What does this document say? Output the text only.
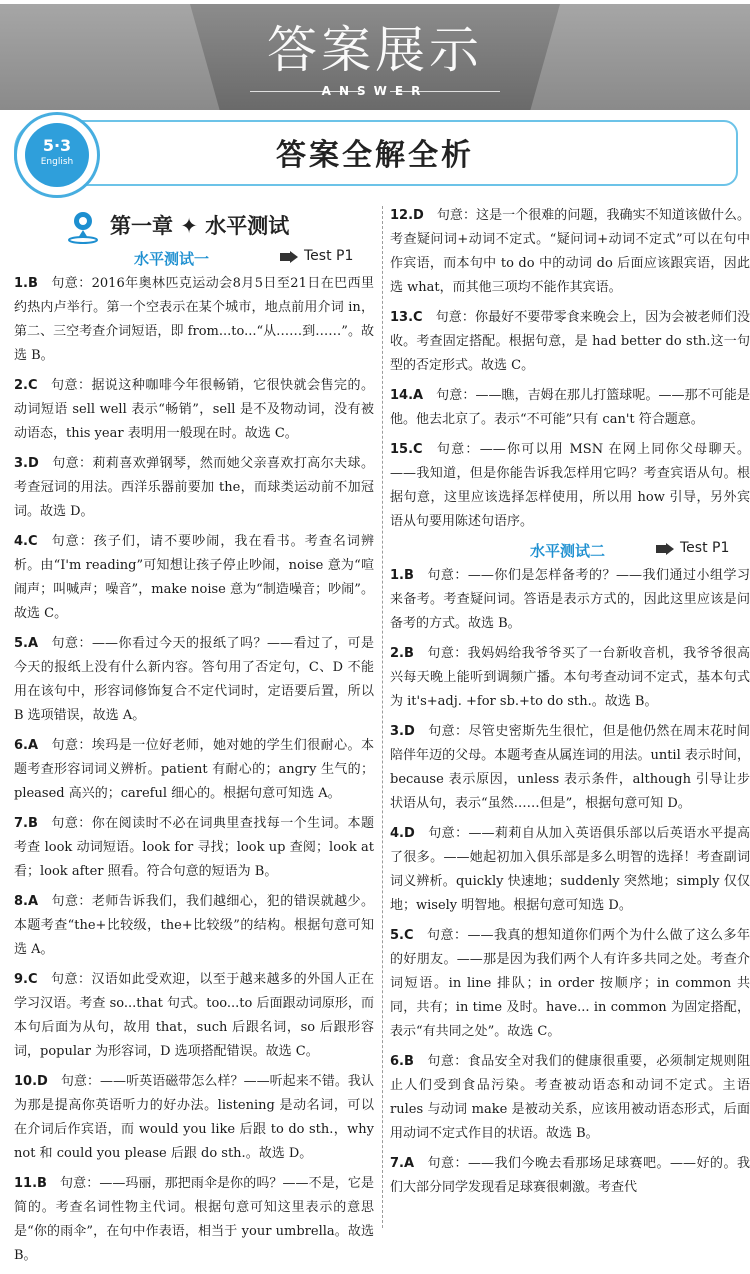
答案展示
ANSWER
5·3
English	答案全解全析
第一章 ✦ 水平测试
水平测试一	Test P1
1.B  句意：2016年奥林匹克运动会8月5日至21日在巴西里约热内卢举行。第一个空表示在某个城市，地点前用介词 in，第二、三空考查介词短语，即 from...to...“从……到……”。故选 B。
2.C  句意：据说这种咖啡今年很畅销，它很快就会售完的。动词短语 sell well 表示“畅销”，sell 是不及物动词，没有被动语态，this year 表明用一般现在时。故选 C。
3.D  句意：莉莉喜欢弹钢琴，然而她父亲喜欢打高尔夫球。考查冠词的用法。西洋乐器前要加 the，而球类运动前不加冠词。故选 D。
4.C  句意：孩子们，请不要吵闹，我在看书。考查名词辨析。由“I'm reading”可知想让孩子停止吵闹，noise 意为“喧闹声；叫喊声；噪音”，make noise 意为“制造噪音；吵闹”。故选 C。
5.A  句意：——你看过今天的报纸了吗？——看过了，可是今天的报纸上没有什么新内容。答句用了否定句，C、D 不能用在该句中，形容词修饰复合不定代词时，定语要后置，所以 B 选项错误，故选 A。
6.A  句意：埃玛是一位好老师，她对她的学生们很耐心。本题考查形容词词义辨析。patient 有耐心的；angry 生气的；pleased 高兴的；careful 细心的。根据句意可知选 A。
7.B  句意：你在阅读时不必在词典里查找每一个生词。本题考查 look 动词短语。look for 寻找；look up 查阅；look at 看；look after 照看。符合句意的短语为 B。
8.A  句意：老师告诉我们，我们越细心，犯的错误就越少。本题考查“the+比较级，the+比较级”的结构。根据句意可知选 A。
9.C  句意：汉语如此受欢迎，以至于越来越多的外国人正在学习汉语。考查 so...that 句式。too...to 后面跟动词原形，而本句后面为从句，故用 that，such 后跟名词，so 后跟形容词，popular 为形容词，D 选项搭配错误。故选 C。
10.D  句意：——听英语磁带怎么样？——听起来不错。我认为那是提高你英语听力的好办法。listening 是动名词，可以在介词后作宾语，而 would you like 后跟 to do sth.，why not 和 could you please 后跟 do sth.。故选 D。
11.B  句意：——玛丽，那把雨伞是你的吗？——不是，它是简的。考查名词性物主代词。根据句意可知这里表示的意思是“你的雨伞”，在句中作表语，相当于 your umbrella。故选 B。
12.D  句意：这是一个很难的问题，我确实不知道该做什么。考查疑问词+动词不定式。“疑问词+动词不定式”可以在句中作宾语，而本句中 to do 中的动词 do 后面应该跟宾语，因此选 what，而其他三项均不能作其宾语。
13.C  句意：你最好不要带零食来晚会上，因为会被老师们没收。考查固定搭配。根据句意，是 had better do sth.这一句型的否定形式。故选 C。
14.A  句意：——瞧，吉姆在那儿打篮球呢。——那不可能是他。他去北京了。表示“不可能”只有 can't 符合题意。
15.C  句意：——你可以用 MSN 在网上同你父母聊天。——我知道，但是你能告诉我怎样用它吗？考查宾语从句。根据句意，这里应该选择怎样使用，所以用 how 引导，另外宾语从句要用陈述句语序。
水平测试二	Test P1
1.B  句意：——你们是怎样备考的？——我们通过小组学习来备考。考查疑问词。答语是表示方式的，因此这里应该是问备考的方式。故选 B。
2.B  句意：我妈妈给我爷爷买了一台新收音机，我爷爷很高兴每天晚上能听到调频广播。本句考查动词不定式，基本句式为 it's+adj. +for sb.+to do sth.。故选 B。
3.D  句意：尽管史密斯先生很忙，但是他仍然在周末花时间陪伴年迈的父母。本题考查从属连词的用法。until 表示时间，because 表示原因，unless 表示条件，although 引导让步状语从句，表示“虽然……但是”，根据句意可知 D。
4.D  句意：——莉莉自从加入英语俱乐部以后英语水平提高了很多。——她起初加入俱乐部是多么明智的选择！考查副词词义辨析。quickly 快速地；suddenly 突然地；simply 仅仅地；wisely 明智地。根据句意可知选 D。
5.C  句意：——我真的想知道你们两个为什么做了这么多年的好朋友。——那是因为我们两个人有许多共同之处。考查介词短语。in line 排队；in order 按顺序；in common 共同，共有；in time 及时。have... in common 为固定搭配，表示“有共同之处”。故选 C。
6.B  句意：食品安全对我们的健康很重要，必须制定规则阻止人们受到食品污染。考查被动语态和动词不定式。主语 rules 与动词 make 是被动关系，应该用被动语态形式，后面用动词不定式作目的状语。故选 B。
7.A  句意：——我们今晚去看那场足球赛吧。——好的。我们大部分同学发现看足球赛很刺激。考查代
